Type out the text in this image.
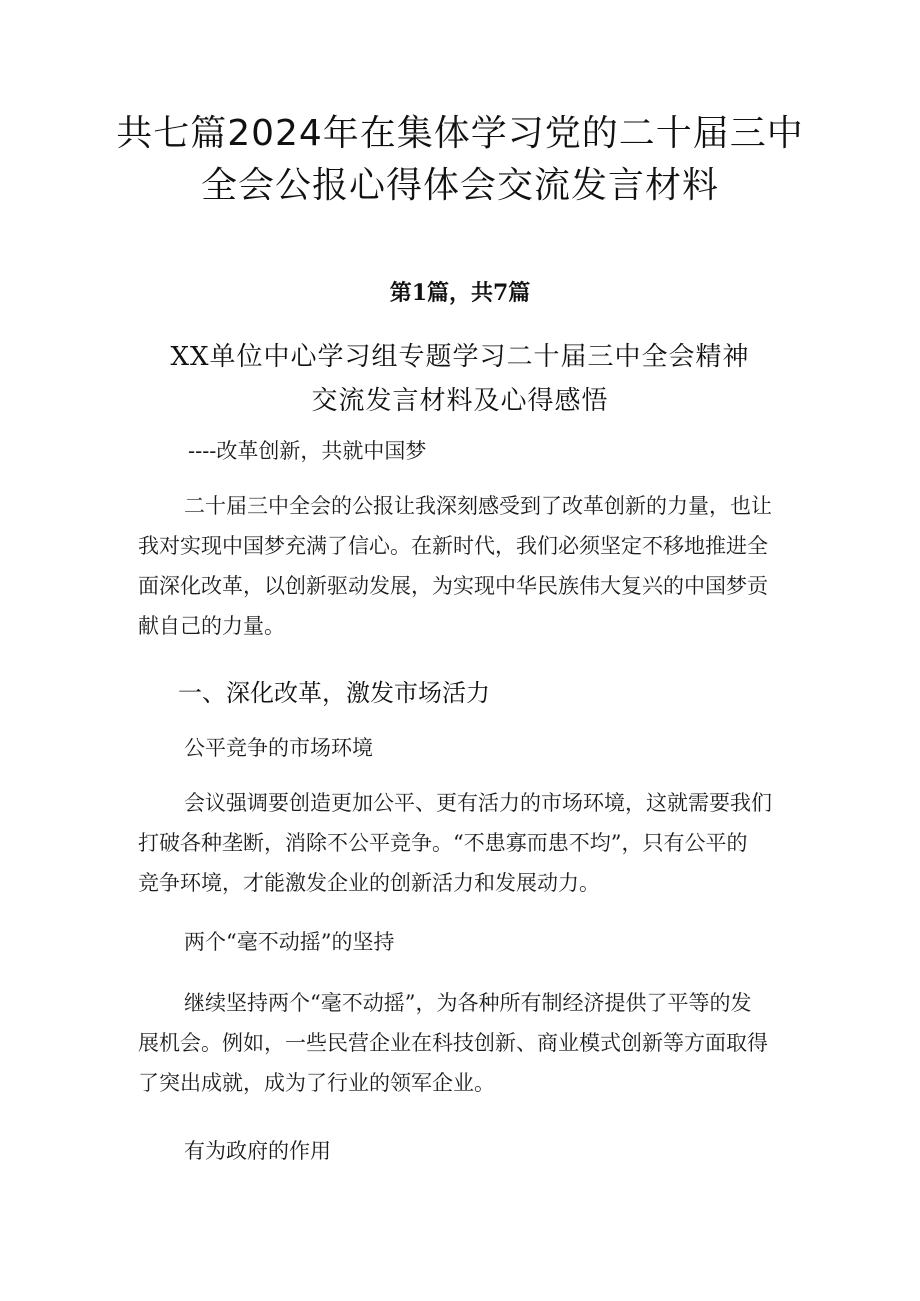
共七篇2024年在集体学习党的二十届三中
全会公报心得体会交流发言材料
第1篇，共7篇
XX单位中心学习组专题学习二十届三中全会精神
交流发言材料及心得感悟
----改革创新，共就中国梦
二十届三中全会的公报让我深刻感受到了改革创新的力量，也让
我对实现中国梦充满了信心。在新时代，我们必须坚定不移地推进全
面深化改革，以创新驱动发展，为实现中华民族伟大复兴的中国梦贡
献自己的力量。
一、深化改革，激发市场活力
公平竞争的市场环境
会议强调要创造更加公平、更有活力的市场环境，这就需要我们
打破各种垄断，消除不公平竞争。“不患寡而患不均”，只有公平的
竞争环境，才能激发企业的创新活力和发展动力。
两个“毫不动摇”的坚持
继续坚持两个“毫不动摇”，为各种所有制经济提供了平等的发
展机会。例如，一些民营企业在科技创新、商业模式创新等方面取得
了突出成就，成为了行业的领军企业。
有为政府的作用
